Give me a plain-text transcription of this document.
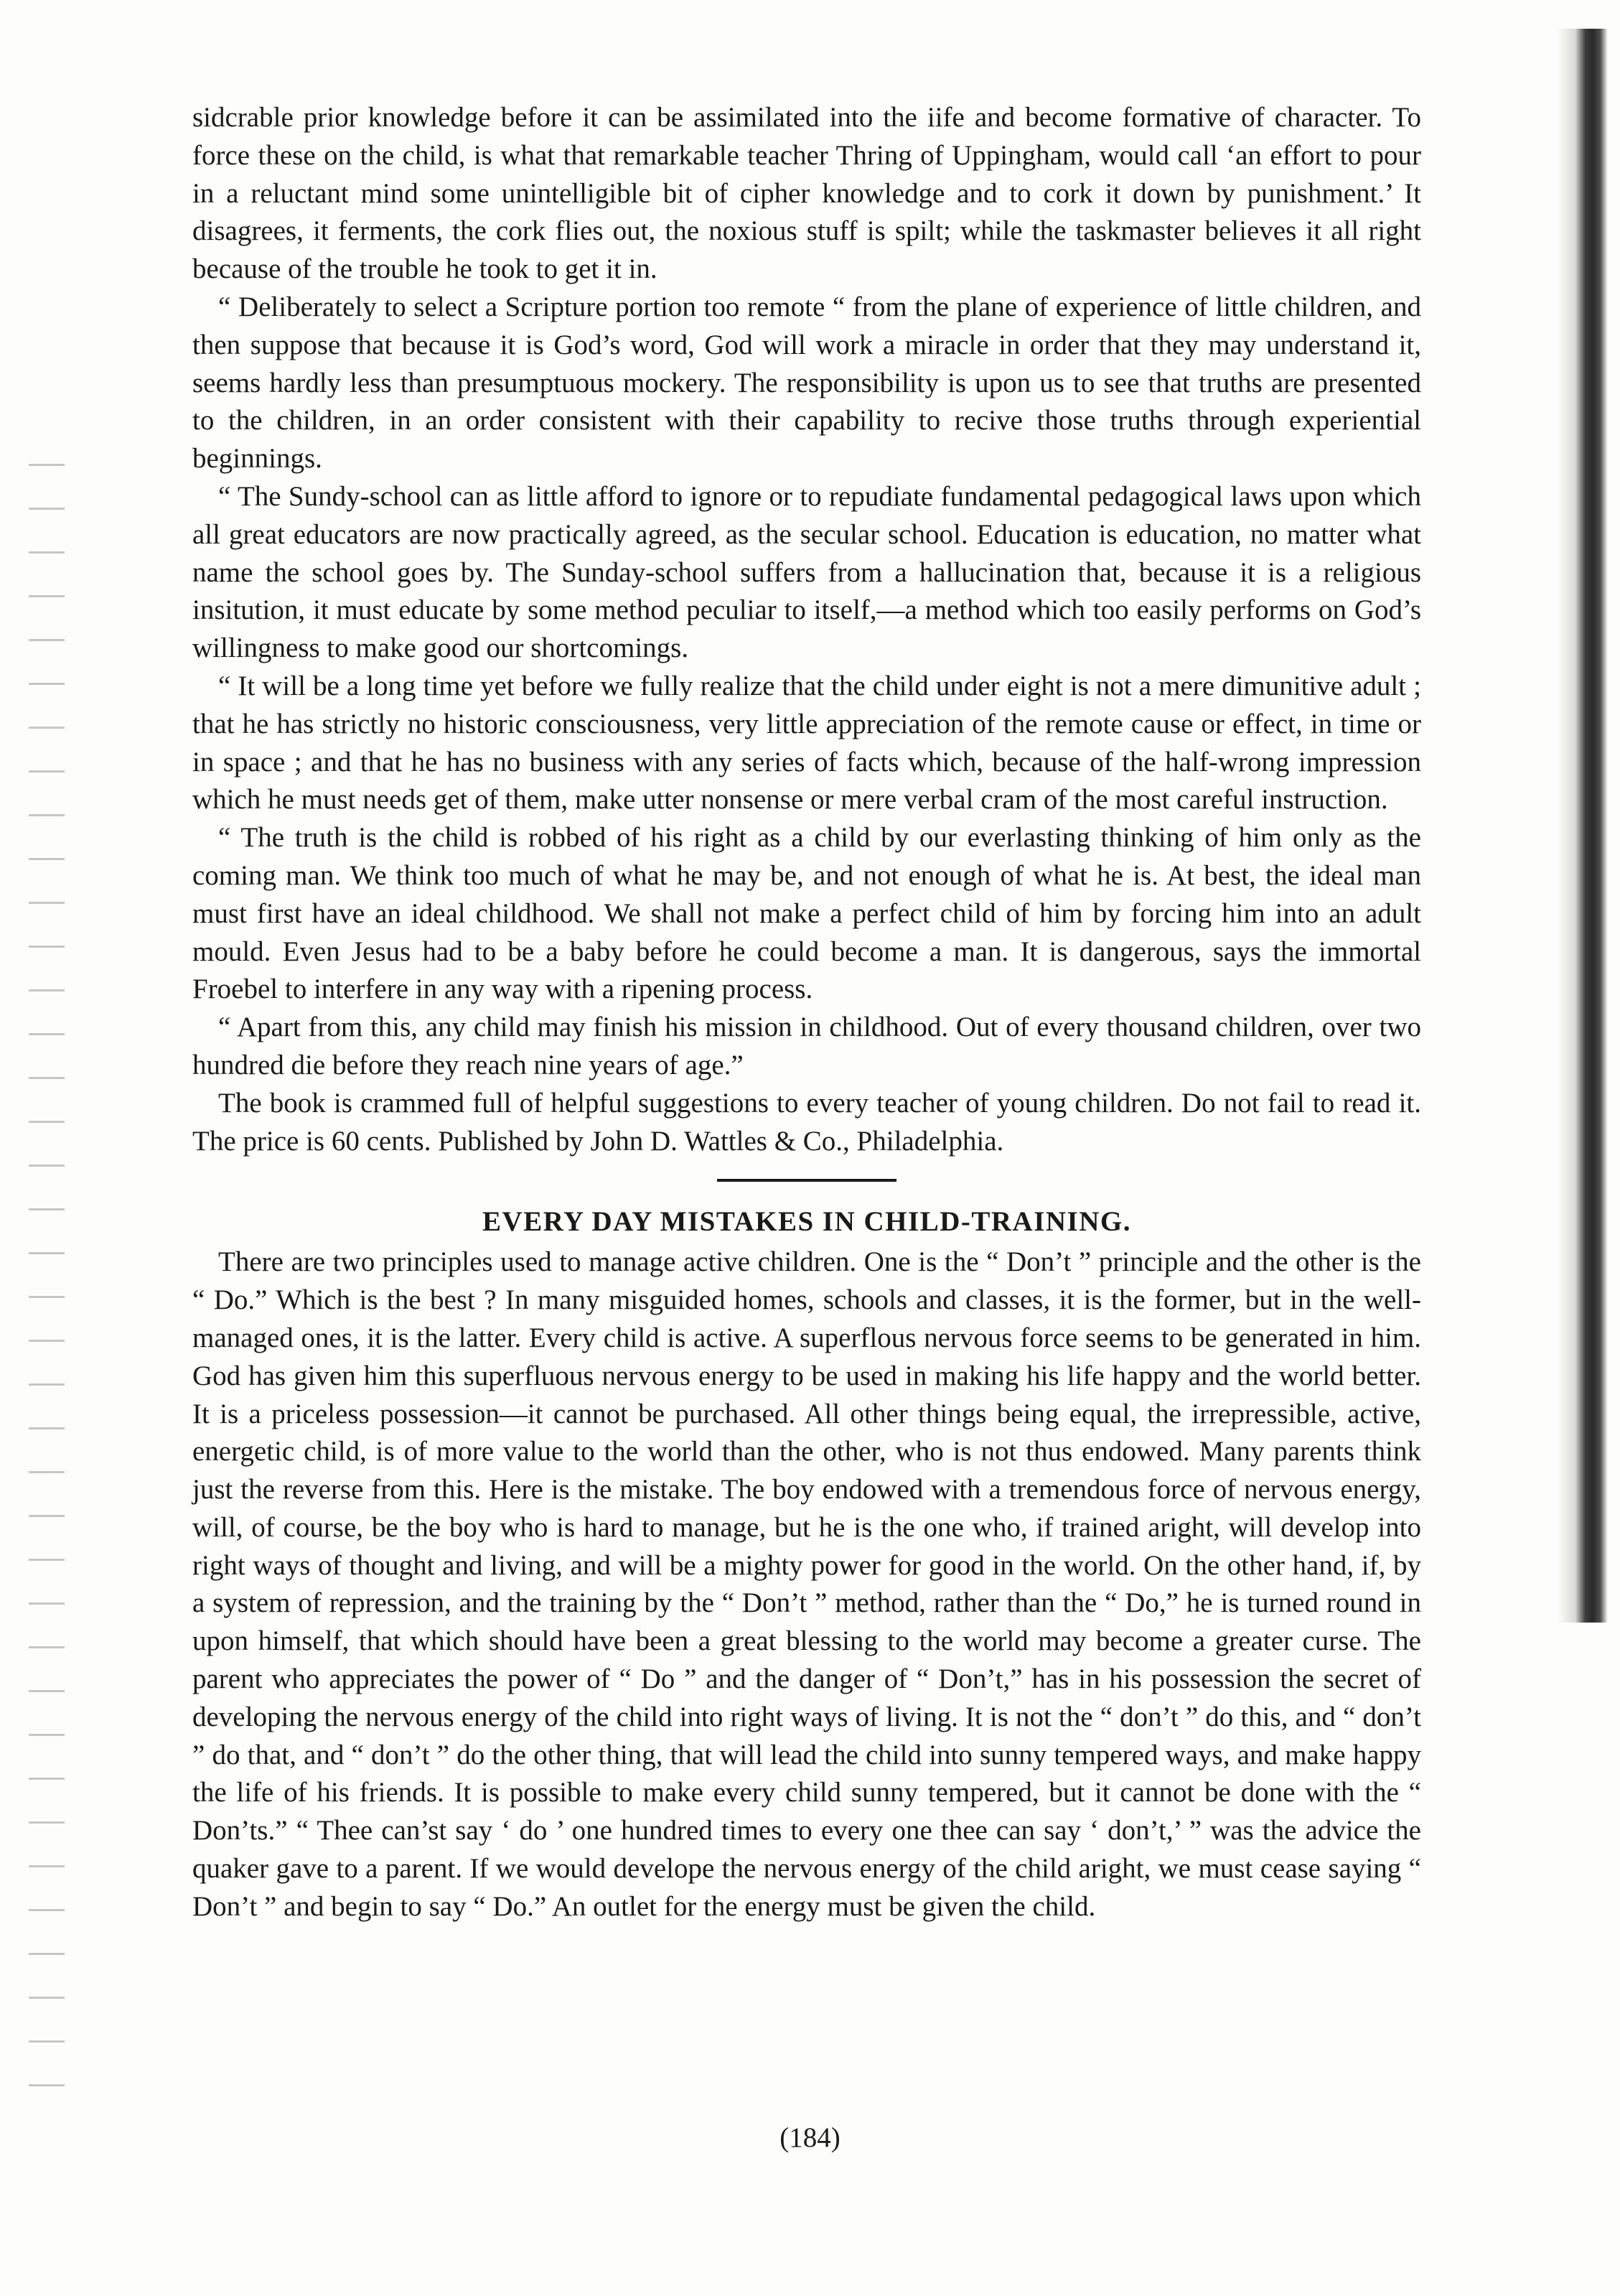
sidcrable prior knowledge before it can be assimilated into the iife and become formative of character. To force these on the child, is what that remarkable teacher Thring of Uppingham, would call ‘an effort to pour in a reluctant mind some unintelligible bit of cipher knowledge and to cork it down by punishment.’ It disagrees, it ferments, the cork flies out, the noxious stuff is spilt; while the taskmaster believes it all right because of the trouble he took to get it in.

“ Deliberately to select a Scripture portion too remote “ from the plane of experience of little children, and then suppose that because it is God’s word, God will work a miracle in order that they may understand it, seems hardly less than presumptuous mockery. The responsibility is upon us to see that truths are presented to the children, in an order consistent with their capability to recive those truths through experiential beginnings.

“ The Sundy-school can as little afford to ignore or to repudiate fundamental pedagogical laws upon which all great educators are now practically agreed, as the secular school. Education is education, no matter what name the school goes by. The Sunday-school suffers from a hallucination that, because it is a religious insitution, it must educate by some method peculiar to itself,—a method which too easily performs on God’s willingness to make good our shortcomings.

“ It will be a long time yet before we fully realize that the child under eight is not a mere dimunitive adult ; that he has strictly no historic consciousness, very little appreciation of the remote cause or effect, in time or in space ; and that he has no business with any series of facts which, because of the half-wrong impression which he must needs get of them, make utter nonsense or mere verbal cram of the most careful instruction.

“ The truth is the child is robbed of his right as a child by our everlasting thinking of him only as the coming man. We think too much of what he may be, and not enough of what he is. At best, the ideal man must first have an ideal childhood. We shall not make a perfect child of him by forcing him into an adult mould. Even Jesus had to be a baby before he could become a man. It is dangerous, says the immortal Froebel to interfere in any way with a ripening process.

“ Apart from this, any child may finish his mission in childhood. Out of every thousand children, over two hundred die before they reach nine years of age.”

The book is crammed full of helpful suggestions to every teacher of young children. Do not fail to read it. The price is 60 cents. Published by John D. Wattles & Co., Philadelphia.

EVERY DAY MISTAKES IN CHILD-TRAINING.

There are two principles used to manage active children. One is the “ Don’t ” principle and the other is the “ Do.” Which is the best ? In many misguided homes, schools and classes, it is the former, but in the well-managed ones, it is the latter. Every child is active. A superflous nervous force seems to be generated in him. God has given him this superfluous nervous energy to be used in making his life happy and the world better. It is a priceless possession—it cannot be purchased. All other things being equal, the irrepressible, active, energetic child, is of more value to the world than the other, who is not thus endowed. Many parents think just the reverse from this. Here is the mistake. The boy endowed with a tremendous force of nervous energy, will, of course, be the boy who is hard to manage, but he is the one who, if trained aright, will develop into right ways of thought and living, and will be a mighty power for good in the world. On the other hand, if, by a system of repression, and the training by the “ Don’t ” method, rather than the “ Do,” he is turned round in upon himself, that which should have been a great blessing to the world may become a greater curse. The parent who appreciates the power of “ Do ” and the danger of “ Don’t,” has in his possession the secret of developing the nervous energy of the child into right ways of living. It is not the “ don’t ” do this, and “ don’t ” do that, and “ don’t ” do the other thing, that will lead the child into sunny tempered ways, and make happy the life of his friends. It is possible to make every child sunny tempered, but it cannot be done with the “ Don’ts.” “ Thee can’st say ‘ do ’ one hundred times to every one thee can say ‘ don’t,’ ” was the advice the quaker gave to a parent. If we would develope the nervous energy of the child aright, we must cease saying “ Don’t ” and begin to say “ Do.” An outlet for the energy must be given the child.

(184)
